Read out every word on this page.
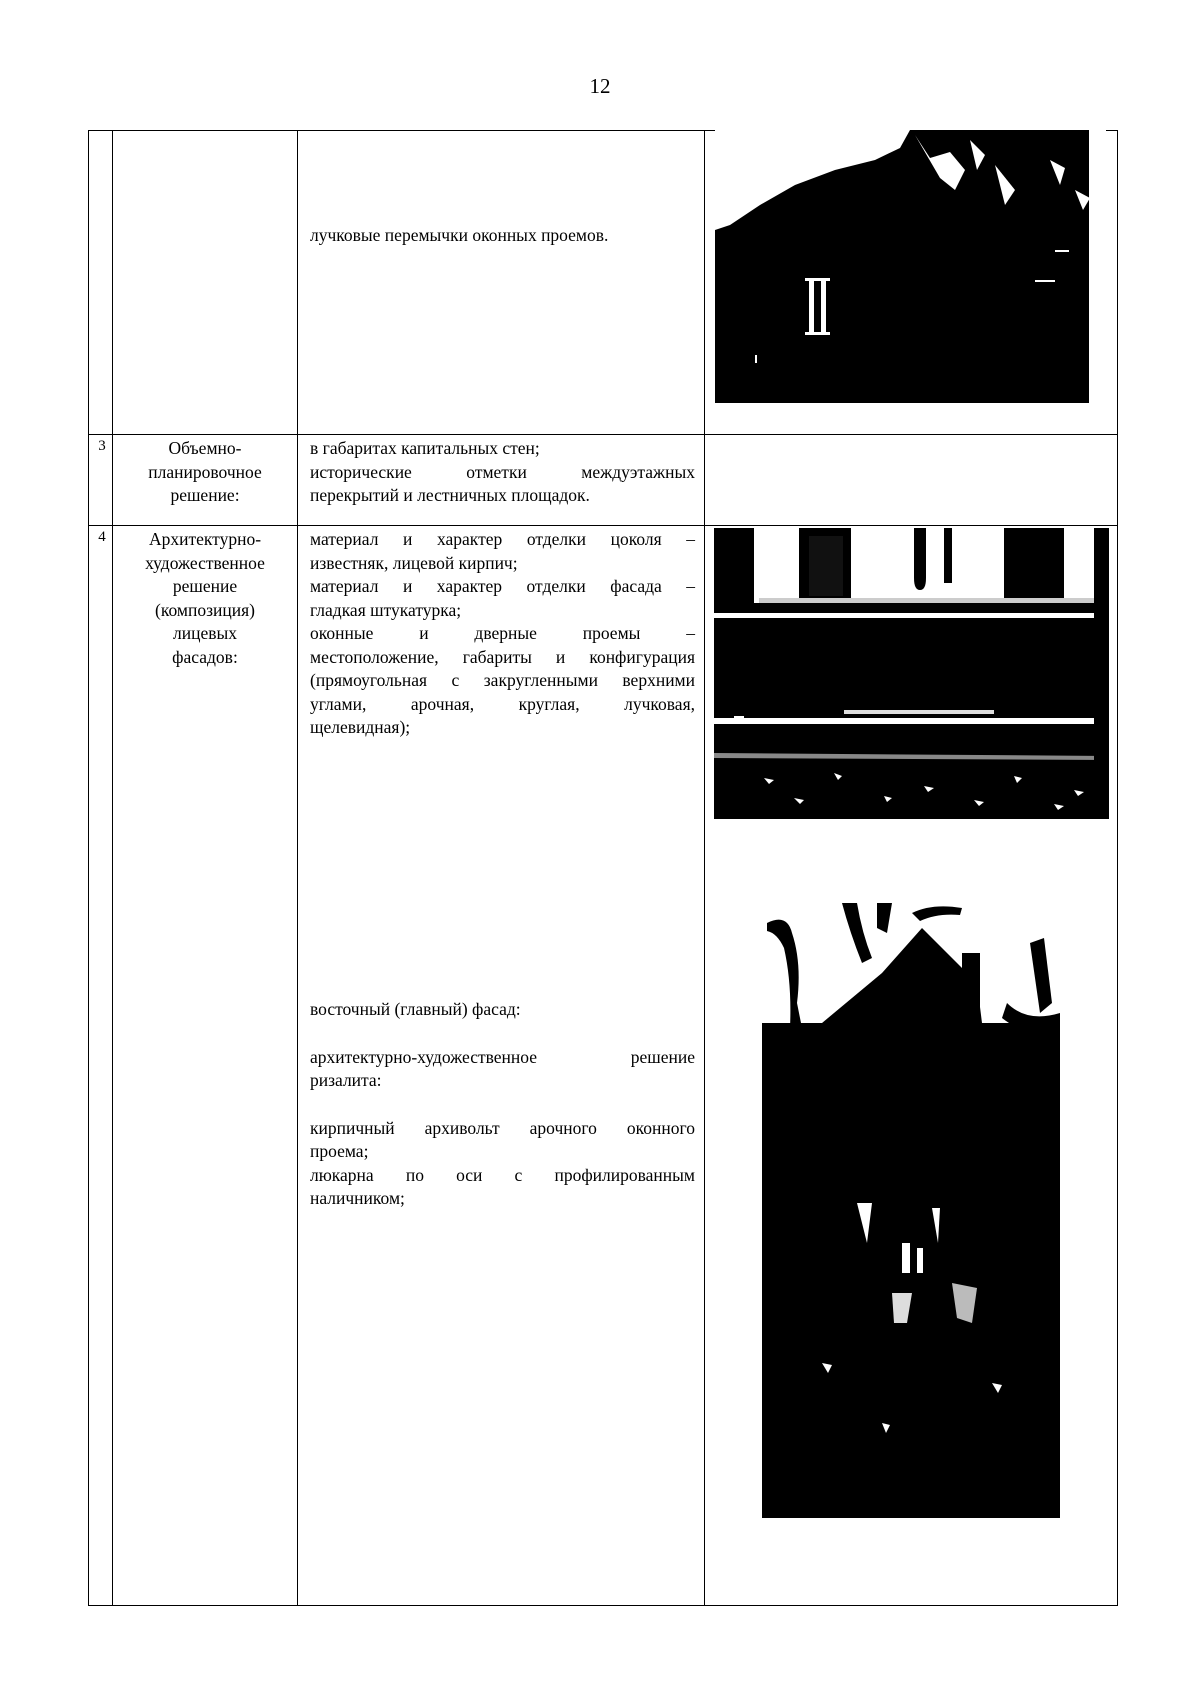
12
лучковые перемычки оконных проемов.
3	Объемно-
планировочное
решение:

в габаритах капитальных стен;

исторические отметки междуэтажных

перекрытий и лестничных площадок.

4	Архитектурно-
художественное
решение
(композиция)
лицевых
фасадов:

материал и характер отделки цоколя –

известняк, лицевой кирпич;

материал и характер отделки фасада –

гладкая штукатурка;

оконные и дверные проемы –

местоположение, габариты и конфигурация

(прямоугольная с закругленными верхними

углами, арочная, круглая, лучковая,

щелевидная);

восточный (главный) фасад:

архитектурно-художественное решение

ризалита:

кирпичный архивольт арочного оконного

проема;

люкарна по оси с профилированным

наличником;
